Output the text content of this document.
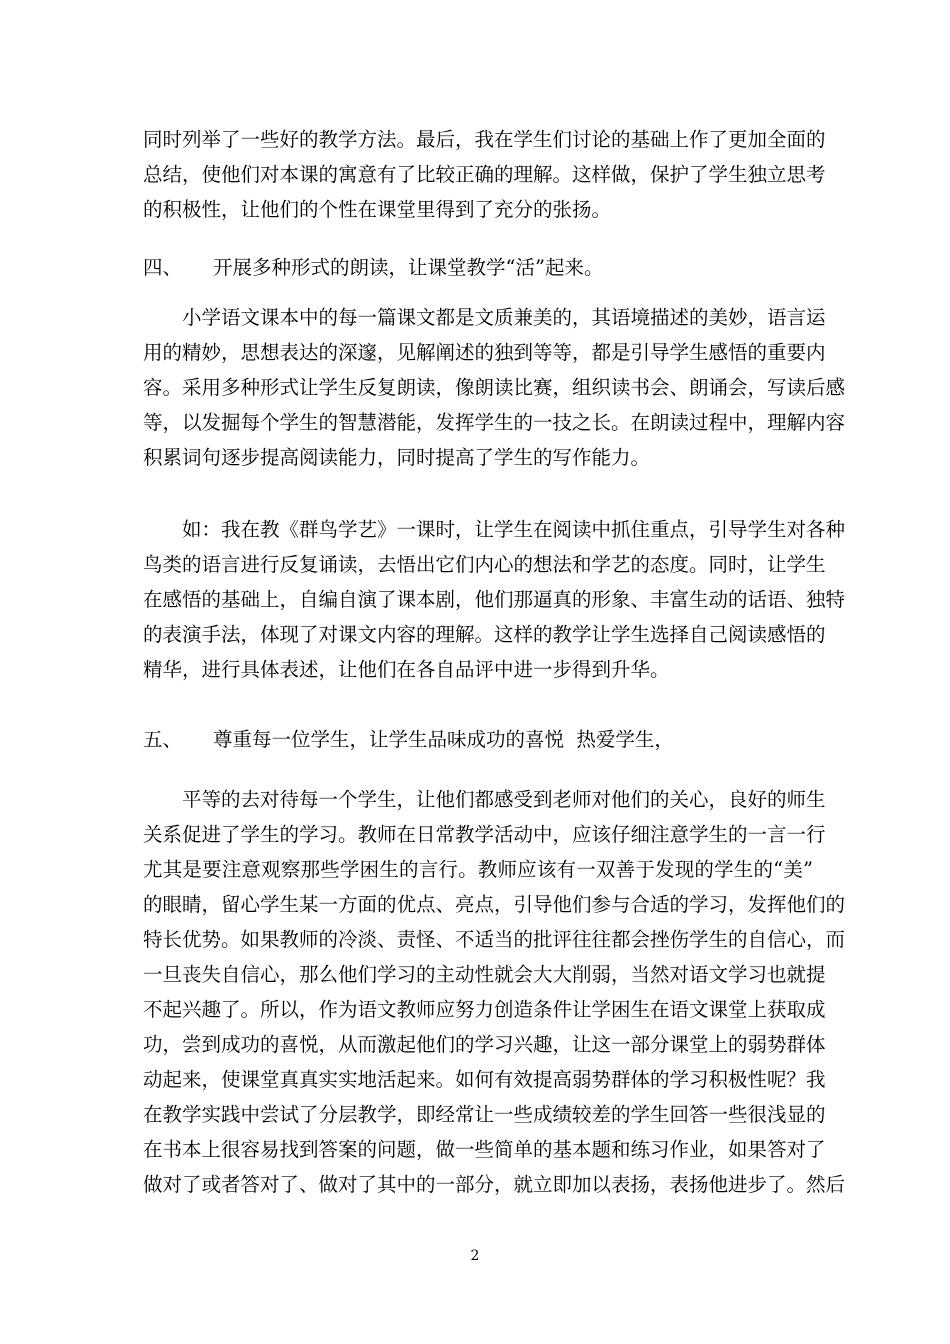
同时列举了一些好的教学方法。最后，我在学生们讨论的基础上作了更加全面的
总结，使他们对本课的寓意有了比较正确的理解。这样做，保护了学生独立思考
的积极性，让他们的个性在课堂里得到了充分的张扬。
四、 开展多种形式的朗读，让课堂教学“活”起来。
小学语文课本中的每一篇课文都是文质兼美的，其语境描述的美妙，语言运
用的精妙，思想表达的深邃，见解阐述的独到等等，都是引导学生感悟的重要内
容。采用多种形式让学生反复朗读，像朗读比赛，组织读书会、朗诵会，写读后感
等，以发掘每个学生的智慧潜能，发挥学生的一技之长。在朗读过程中，理解内容
积累词句逐步提高阅读能力，同时提高了学生的写作能力。
如：我在教《群鸟学艺》一课时，让学生在阅读中抓住重点，引导学生对各种
鸟类的语言进行反复诵读，去悟出它们内心的想法和学艺的态度。同时，让学生
在感悟的基础上，自编自演了课本剧，他们那逼真的形象、丰富生动的话语、独特
的表演手法，体现了对课文内容的理解。这样的教学让学生选择自己阅读感悟的
精华，进行具体表述，让他们在各自品评中进一步得到升华。
五、 尊重每一位学生，让学生品味成功的喜悦  热爱学生，
平等的去对待每一个学生，让他们都感受到老师对他们的关心，良好的师生
关系促进了学生的学习。教师在日常教学活动中，应该仔细注意学生的一言一行
尤其是要注意观察那些学困生的言行。教师应该有一双善于发现的学生的“美”
的眼睛，留心学生某一方面的优点、亮点，引导他们参与合适的学习，发挥他们的
特长优势。如果教师的冷淡、责怪、不适当的批评往往都会挫伤学生的自信心，而
一旦丧失自信心，那么他们学习的主动性就会大大削弱，当然对语文学习也就提
不起兴趣了。所以，作为语文教师应努力创造条件让学困生在语文课堂上获取成
功，尝到成功的喜悦，从而激起他们的学习兴趣，让这一部分课堂上的弱势群体
动起来，使课堂真真实实地活起来。如何有效提高弱势群体的学习积极性呢？我
在教学实践中尝试了分层教学，即经常让一些成绩较差的学生回答一些很浅显的
在书本上很容易找到答案的问题，做一些简单的基本题和练习作业，如果答对了
2
做对了或者答对了、做对了其中的一部分，就立即加以表扬，表扬他进步了。然后
